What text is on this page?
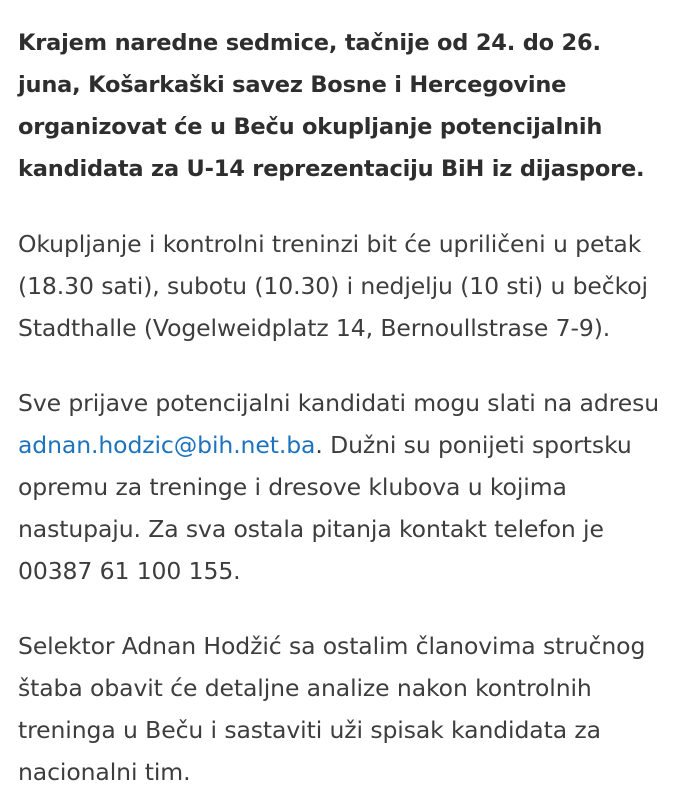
Krajem naredne sedmice, tačnije od 24. do 26. juna, Košarkaški savez Bosne i Hercegovine organizovat će u Beču okupljanje potencijalnih kandidata za U-14 reprezentaciju BiH iz dijaspore.

Okupljanje i kontrolni treninzi bit će upriličeni u petak (18.30 sati), subotu (10.30) i nedjelju (10 sti) u bečkoj Stadthalle (Vogelweidplatz 14, Bernoullstrase 7-9).

Sve prijave potencijalni kandidati mogu slati na adresu adnan.hodzic@bih.net.ba. Dužni su ponijeti sportsku opremu za treninge i dresove klubova u kojima nastupaju. Za sva ostala pitanja kontakt telefon je 00387 61 100 155.

Selektor Adnan Hodžić sa ostalim članovima stručnog štaba obavit će detaljne analize nakon kontrolnih treninga u Beču i sastaviti uži spisak kandidata za nacionalni tim.
